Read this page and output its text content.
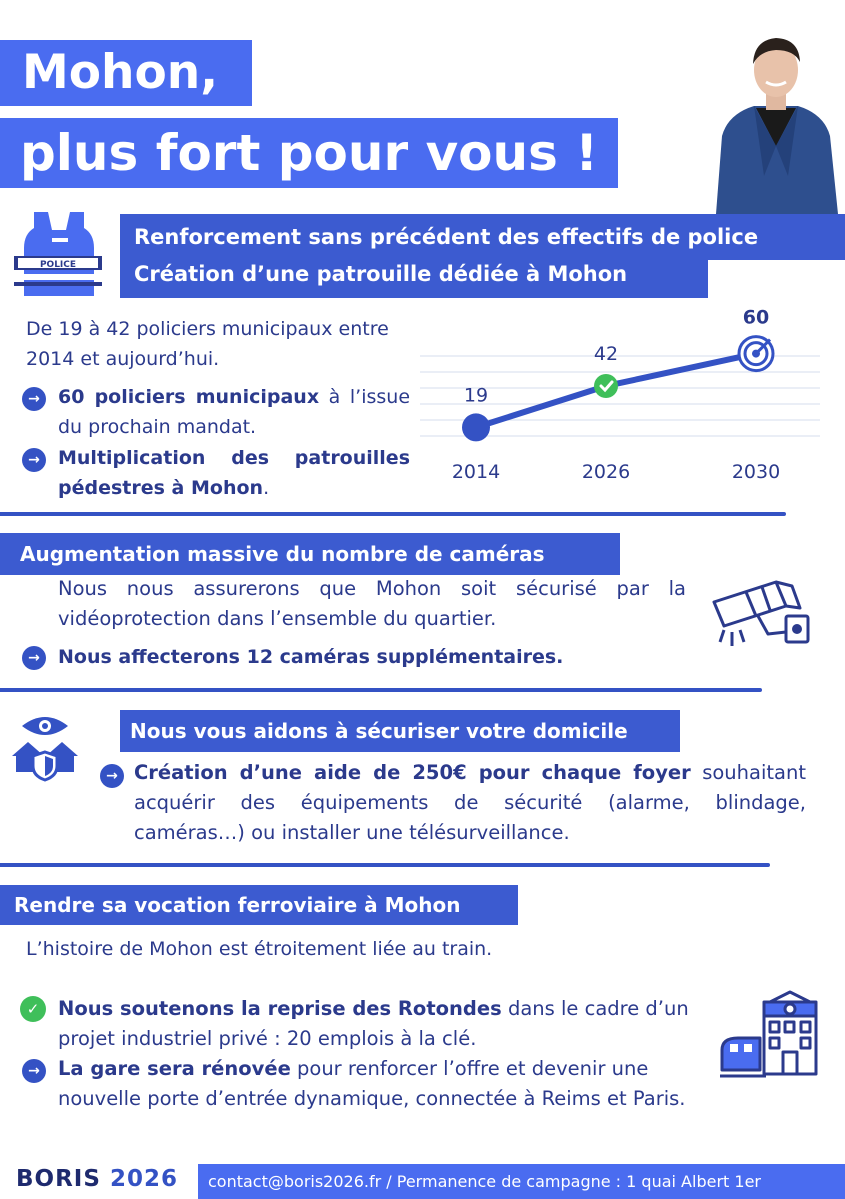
Mohon,
plus fort pour vous !
POLICE
Renforcement sans précédent des effectifs de police
Création d’une patrouille dédiée à Mohon
De 19 à 42 policiers municipaux entre 2014 et aujourd’hui.
→ 60 policiers municipaux à l’issue du prochain mandat.
→ Multiplication des patrouilles pédestres à Mohon.
19
42
60
2014	2026	2030
Augmentation massive du nombre de caméras
Nous nous assurerons que Mohon soit sécurisé par la vidéoprotection dans l’ensemble du quartier.
→ Nous affecterons 12 caméras supplémentaires.
Nous vous aidons à sécuriser votre domicile
→ Création d’une aide de 250€ pour chaque foyer souhaitant acquérir des équipements de sécurité (alarme, blindage, caméras…) ou installer une télésurveillance.
Rendre sa vocation ferroviaire à Mohon
L’histoire de Mohon est étroitement liée au train.
✓ Nous soutenons la reprise des Rotondes dans le cadre d’un projet industriel privé : 20 emplois à la clé.
→ La gare sera rénovée pour renforcer l’offre et devenir une nouvelle porte d’entrée dynamique, connectée à Reims et Paris.
BORIS 2026	contact@boris2026.fr / Permanence de campagne : 1 quai Albert 1er
